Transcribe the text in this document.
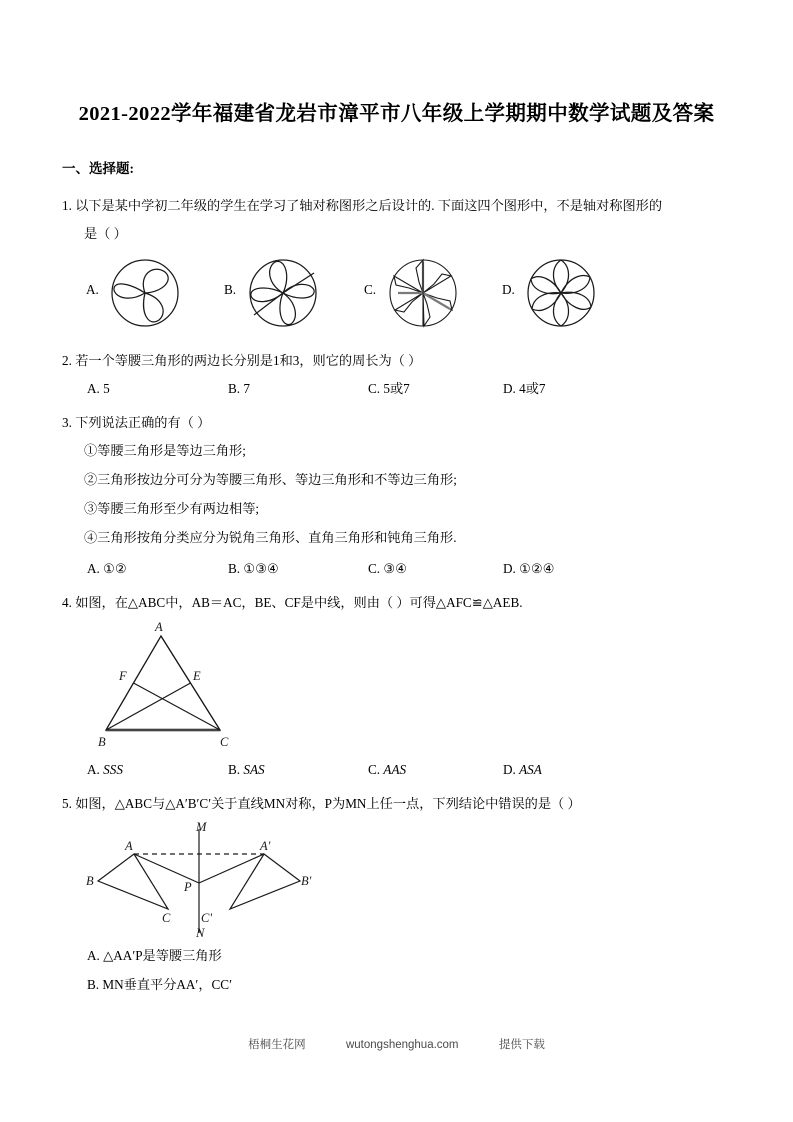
2021-2022学年福建省龙岩市漳平市八年级上学期期中数学试题及答案
一、选择题:
1. 以下是某中学初二年级的学生在学习了轴对称图形之后设计的. 下面这四个图形中，不是轴对称图形的
是（ ）
A.	B.	C.	D.
2. 若一个等腰三角形的两边长分别是1和3，则它的周长为（ ）
A. 5	B. 7	C. 5或7	D. 4或7
3. 下列说法正确的有（ ）
①等腰三角形是等边三角形;
②三角形按边分可分为等腰三角形、等边三角形和不等边三角形;
③等腰三角形至少有两边相等;
④三角形按角分类应分为锐角三角形、直角三角形和钝角三角形.
A. ①②	B. ①③④	C. ③④	D. ①②④
4. 如图，在△ABC中，AB＝AC，BE、CF是中线，则由（ ）可得△AFC≌△AEB.
A
F	E
B	C
A. SSS	B. SAS	C. AAS	D. ASA
5. 如图，△ABC与△A′B′C′关于直线MN对称，P为MN上任一点，下列结论中错误的是（ ）
M
A	A'
B	B'
P
C C'
N
A. △AA′P是等腰三角形
B. MN垂直平分AA′，CC′
梧桐生花网	wutongshenghua.com	提供下载
